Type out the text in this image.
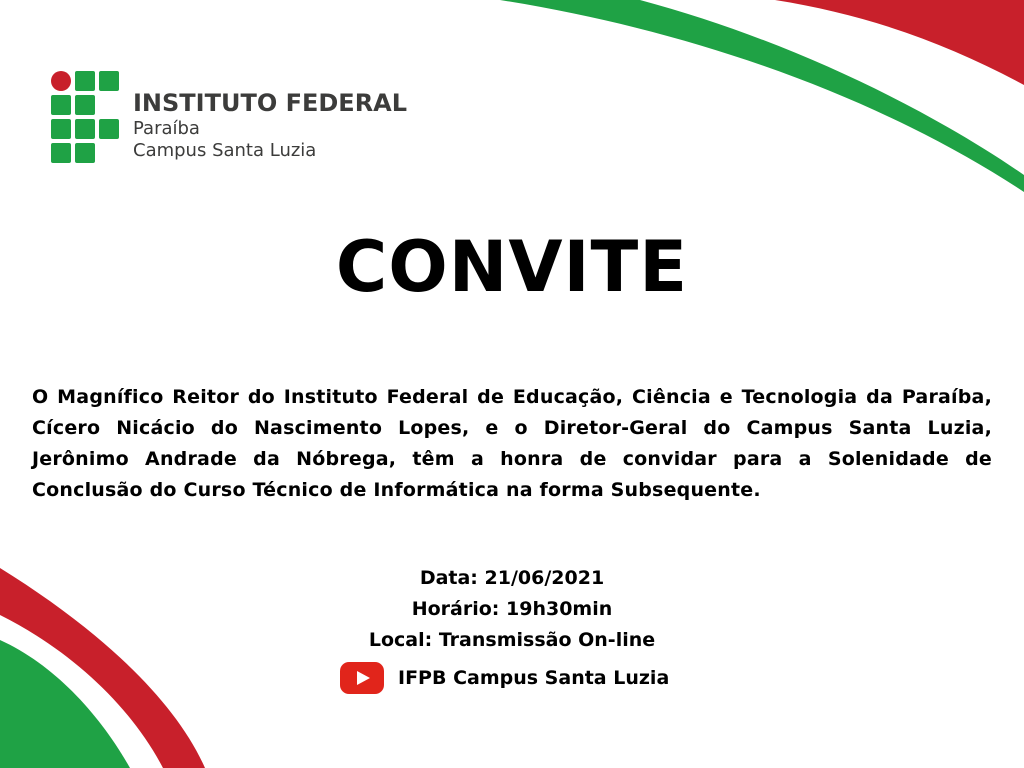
INSTITUTO FEDERAL
Paraíba
Campus Santa Luzia
CONVITE

O Magnífico Reitor do Instituto Federal de Educação, Ciência e Tecnologia da Paraíba, Cícero Nicácio do Nascimento Lopes, e o Diretor-Geral do Campus Santa Luzia, Jerônimo Andrade da Nóbrega, têm a honra de convidar para a Solenidade de Conclusão do Curso Técnico de Informática na forma Subsequente.

Data: 21/06/2021
Horário: 19h30min
Local: Transmissão On-line
IFPB Campus Santa Luzia
